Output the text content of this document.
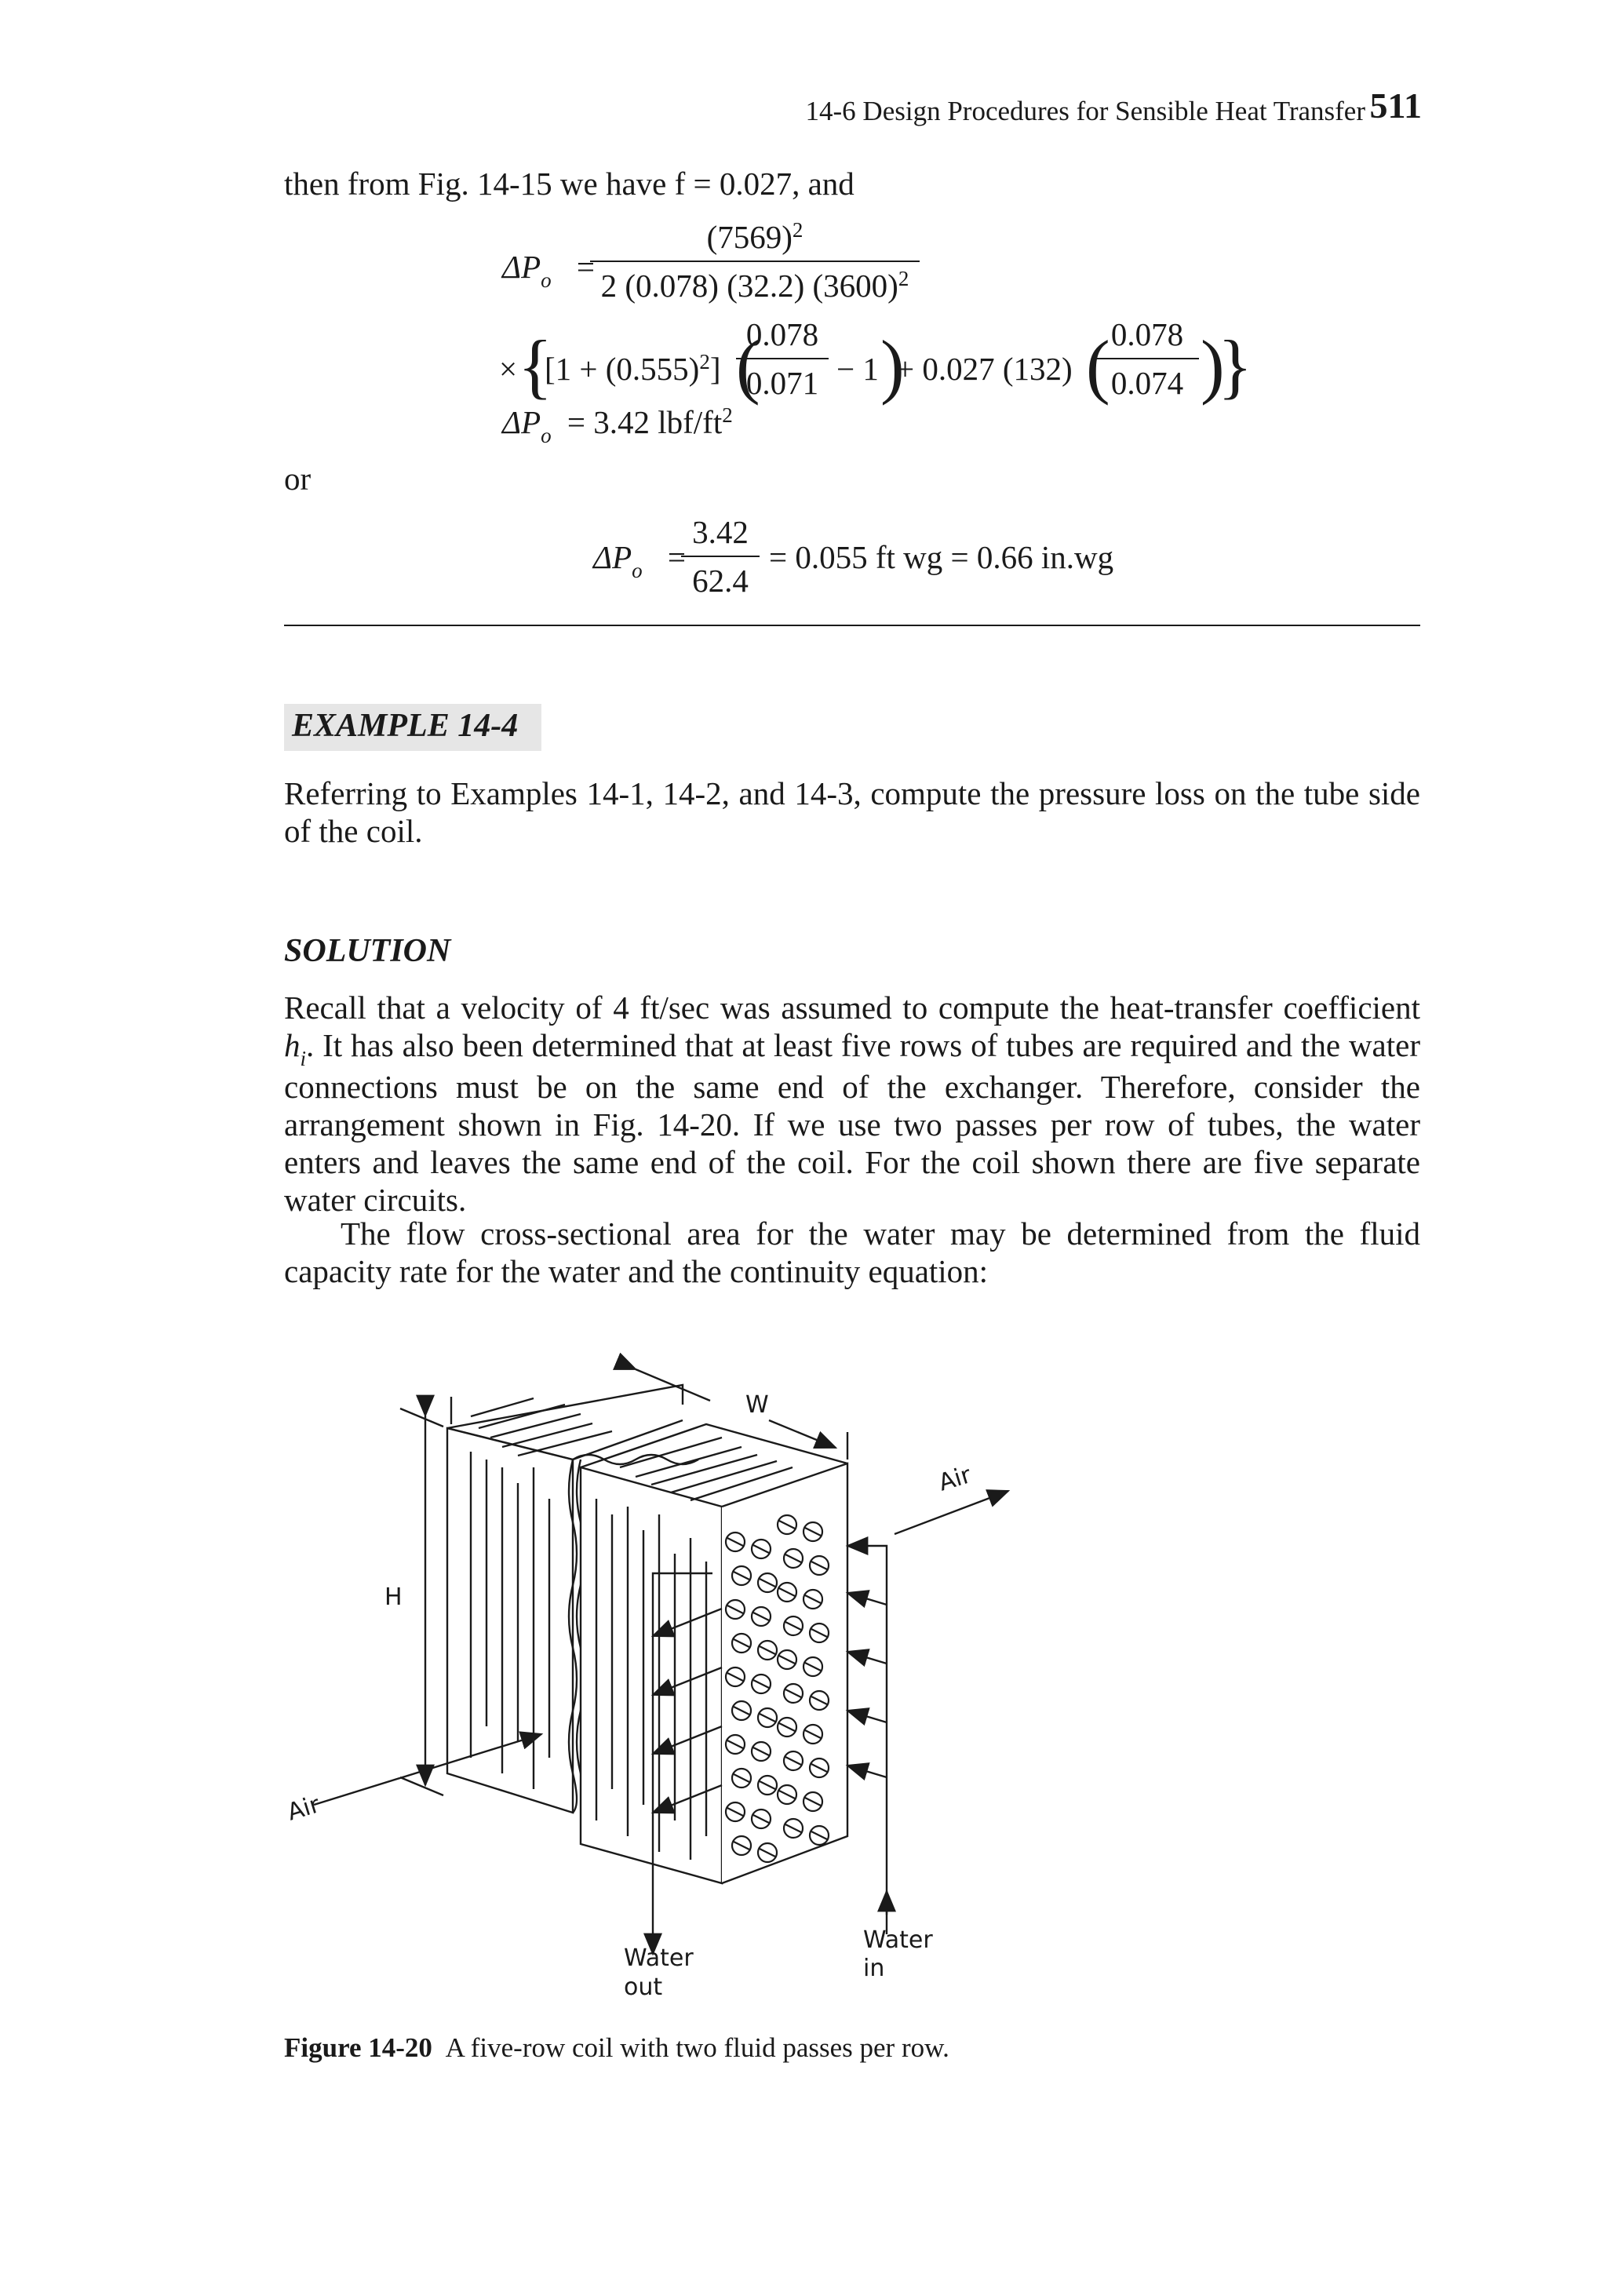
14-6 Design Procedures for Sensible Heat Transfer 511
then from Fig. 14-15 we have f = 0.027, and
$\Delta P_o$ =
$(7569)^2$
2 (0.078) (32.2) $(3600)^2$
× {
$[1 + (0.555)^2]$ (
0.078
0.071 − 1 )
+ 0.027 (132) ( 0.078
0.074 )
}
$\Delta P_o = 3.42$ lbf/$ft^2$
or
$\Delta P_o$ =
3.42
62.4
= 0.055 ft wg = 0.66 in.wg
EXAMPLE 14-4
Referring to Examples 14-1, 14-2, and 14-3, compute the pressure loss on the tube side of the coil.
SOLUTION
Recall that a velocity of 4 ft/sec was assumed to compute the heat-transfer coefficient $h_i$. It has also been determined that at least five rows of tubes are required and the water connections must be on the same end of the exchanger. Therefore, consider the arrangement shown in Fig. 14-20. If we use two passes per row of tubes, the water enters and leaves the same end of the coil. For the coil shown there are five separate water circuits.
The flow cross-sectional area for the water may be determined from the fluid capacity rate for the water and the continuity equation:
W
H
Air
Air
Water
out
Water
in
Figure 14-20 A five-row coil with two fluid passes per row.
